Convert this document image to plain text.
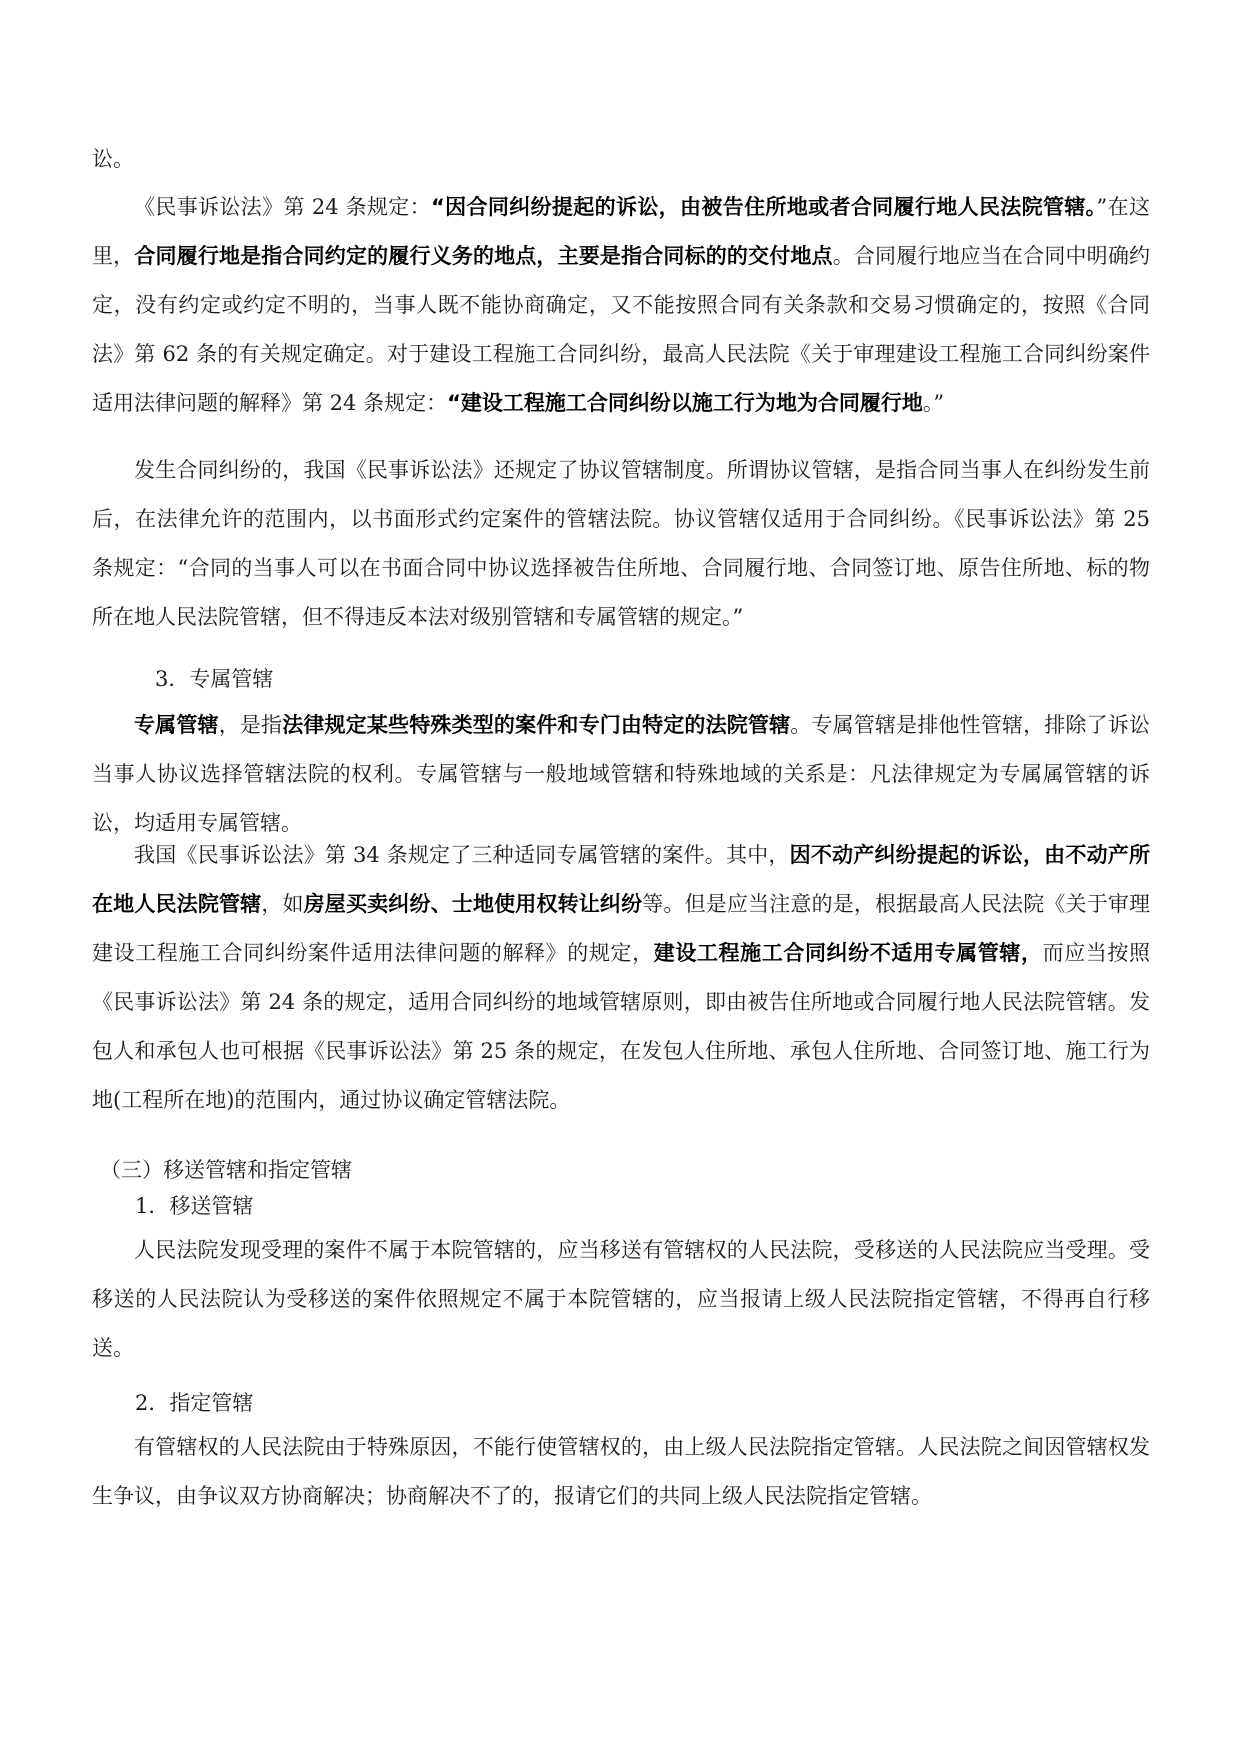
讼。
《民事诉讼法》第 24 条规定：“因合同纠纷提起的诉讼，由被告住所地或者合同履行地人民法院管辖。”在这里，合同履行地是指合同约定的履行义务的地点，主要是指合同标的的交付地点。合同履行地应当在合同中明确约定，没有约定或约定不明的，当事人既不能协商确定，又不能按照合同有关条款和交易习惯确定的，按照《合同法》第 62 条的有关规定确定。对于建设工程施工合同纠纷，最高人民法院《关于审理建设工程施工合同纠纷案件适用法律问题的解释》第 24 条规定：“建设工程施工合同纠纷以施工行为地为合同履行地。”
发生合同纠纷的，我国《民事诉讼法》还规定了协议管辖制度。所谓协议管辖，是指合同当事人在纠纷发生前后，在法律允许的范围内，以书面形式约定案件的管辖法院。协议管辖仅适用于合同纠纷。《民事诉讼法》第 25 条规定：“合同的当事人可以在书面合同中协议选择被告住所地、合同履行地、合同签订地、原告住所地、标的物所在地人民法院管辖，但不得违反本法对级别管辖和专属管辖的规定。”
3．专属管辖
专属管辖，是指法律规定某些特殊类型的案件和专门由特定的法院管辖。专属管辖是排他性管辖，排除了诉讼当事人协议选择管辖法院的权利。专属管辖与一般地域管辖和特殊地域的关系是：凡法律规定为专属属管辖的诉讼，均适用专属管辖。
我国《民事诉讼法》第 34 条规定了三种适同专属管辖的案件。其中，因不动产纠纷提起的诉讼，由不动产所在地人民法院管辖，如房屋买卖纠纷、士地使用权转让纠纷等。但是应当注意的是，根据最高人民法院《关于审理建设工程施工合同纠纷案件适用法律问题的解释》的规定，建设工程施工合同纠纷不适用专属管辖，而应当按照《民事诉讼法》第 24 条的规定，适用合同纠纷的地域管辖原则，即由被告住所地或合同履行地人民法院管辖。发包人和承包人也可根据《民事诉讼法》第 25 条的规定，在发包人住所地、承包人住所地、合同签订地、施工行为地(工程所在地)的范围内，通过协议确定管辖法院。
（三）移送管辖和指定管辖
1．移送管辖
人民法院发现受理的案件不属于本院管辖的，应当移送有管辖权的人民法院，受移送的人民法院应当受理。受移送的人民法院认为受移送的案件依照规定不属于本院管辖的，应当报请上级人民法院指定管辖，不得再自行移送。
2．指定管辖
有管辖权的人民法院由于特殊原因，不能行使管辖权的，由上级人民法院指定管辖。人民法院之间因管辖权发生争议，由争议双方协商解决；协商解决不了的，报请它们的共同上级人民法院指定管辖。
